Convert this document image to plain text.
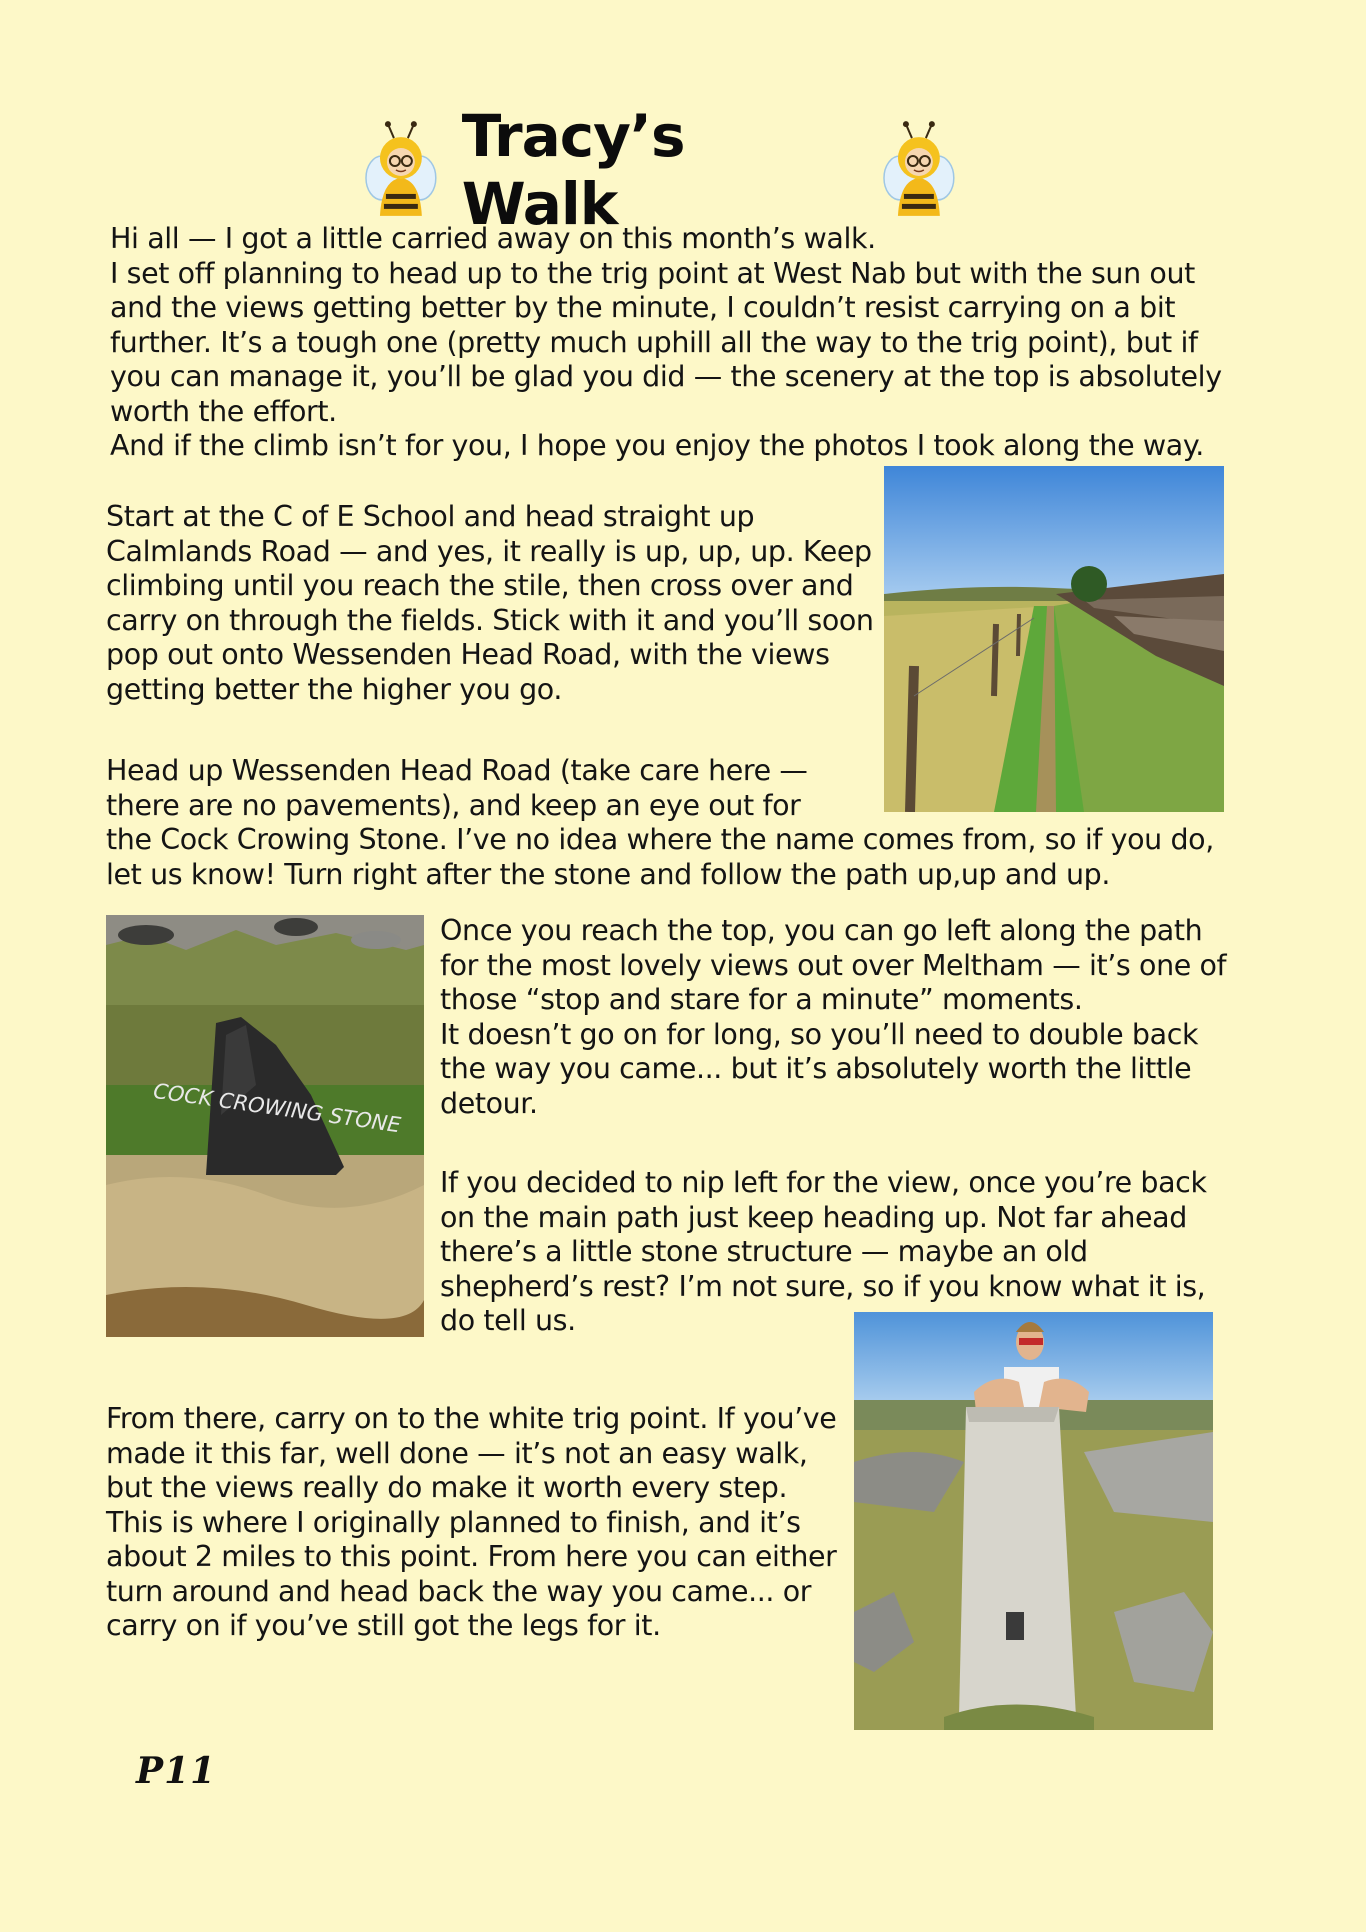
Tracy’s Walk

Hi all — I got a little carried away on this month’s walk.

I set off planning to head up to the trig point at West Nab but with the sun out and the views getting better by the minute, I couldn’t resist carrying on a bit further. It’s a tough one (pretty much uphill all the way to the trig point), but if you can manage it, you’ll be glad you did — the scenery at the top is absolutely worth the effort.

And if the climb isn’t for you, I hope you enjoy the photos I took along the way.

Start at the C of E School and head straight up Calmlands Road — and yes, it really is up, up, up. Keep climbing until you reach the stile, then cross over and carry on through the fields. Stick with it and you’ll soon pop out onto Wessenden Head Road, with the views getting better the higher you go.

Head up Wessenden Head Road (take care here — there are no pavements), and keep an eye out for

the Cock Crowing Stone. I’ve no idea where the name comes from, so if you do, let us know! Turn right after the stone and follow the path up,up and up.

COCK CROWING STONE

Once you reach the top, you can go left along the path for the most lovely views out over Meltham — it’s one of those “stop and stare for a minute” moments.

It doesn’t go on for long, so you’ll need to double back the way you came... but it’s absolutely worth the little detour.

If you decided to nip left for the view, once you’re back on the main path just keep heading up. Not far ahead there’s a little stone structure — maybe an old shepherd’s rest? I’m not sure, so if you know what it is, do tell us.

From there, carry on to the white trig point. If you’ve made it this far, well done — it’s not an easy walk, but the views really do make it worth every step.

This is where I originally planned to finish, and it’s about 2 miles to this point. From here you can either turn around and head back the way you came... or carry on if you’ve still got the legs for it.

P11
